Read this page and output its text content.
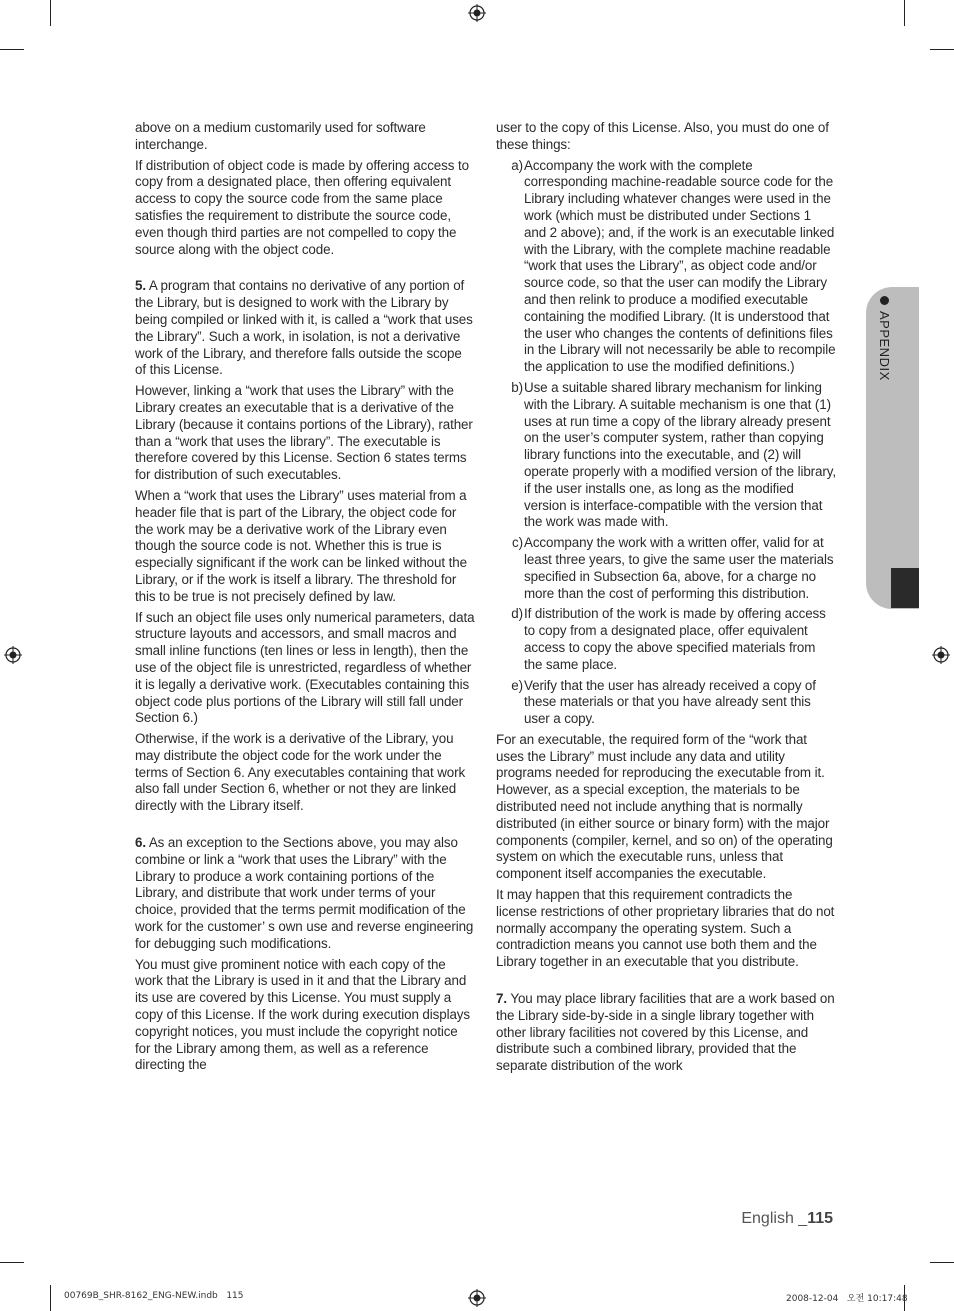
above on a medium customarily used for software interchange.

If distribution of object code is made by offering access to copy from a designated place, then offering equivalent access to copy the source code from the same place satisfies the requirement to distribute the source code, even though third parties are not compelled to copy the source along with the object code.

5. A program that contains no derivative of any portion of the Library, but is designed to work with the Library by being compiled or linked with it, is called a “work that uses the Library”. Such a work, in isolation, is not a derivative work of the Library, and therefore falls outside the scope of this License.

However, linking a “work that uses the Library” with the Library creates an executable that is a derivative of the Library (because it contains portions of the Library), rather than a “work that uses the library”. The executable is therefore covered by this License. Section 6 states terms for distribution of such executables.

When a “work that uses the Library” uses material from a header file that is part of the Library, the object code for the work may be a derivative work of the Library even though the source code is not. Whether this is true is especially significant if the work can be linked without the Library, or if the work is itself a library. The threshold for this to be true is not precisely defined by law.

If such an object file uses only numerical parameters, data structure layouts and accessors, and small macros and small inline functions (ten lines or less in length), then the use of the object file is unrestricted, regardless of whether it is legally a derivative work. (Executables containing this object code plus portions of the Library will still fall under Section 6.)

Otherwise, if the work is a derivative of the Library, you may distribute the object code for the work under the terms of Section 6. Any executables containing that work also fall under Section 6, whether or not they are linked directly with the Library itself.

6. As an exception to the Sections above, you may also combine or link a “work that uses the Library” with the Library to produce a work containing portions of the Library, and distribute that work under terms of your choice, provided that the terms permit modification of the work for the customer’ s own use and reverse engineering for debugging such modifications.

You must give prominent notice with each copy of the work that the Library is used in it and that the Library and its use are covered by this License. You must supply a copy of this License. If the work during execution displays copyright notices, you must include the copyright notice for the Library among them, as well as a reference directing the

user to the copy of this License. Also, you must do one of these things:

a) Accompany the work with the complete corresponding machine-readable source code for the Library including whatever changes were used in the work (which must be distributed under Sections 1 and 2 above); and, if the work is an executable linked with the Library, with the complete machine readable “work that uses the Library”, as object code and/or source code, so that the user can modify the Library and then relink to produce a modified executable containing the modified Library. (It is understood that the user who changes the contents of definitions files in the Library will not necessarily be able to recompile the application to use the modified definitions.)
b) Use a suitable shared library mechanism for linking with the Library. A suitable mechanism is one that (1) uses at run time a copy of the library already present on the user’s computer system, rather than copying library functions into the executable, and (2) will operate properly with a modified version of the library, if the user installs one, as long as the modified version is interface-compatible with the version that the work was made with.
c) Accompany the work with a written offer, valid for at least three years, to give the same user the materials specified in Subsection 6a, above, for a charge no more than the cost of performing this distribution.
d) If distribution of the work is made by offering access to copy from a designated place, offer equivalent access to copy the above specified materials from the same place.
e) Verify that the user has already received a copy of these materials or that you have already sent this user a copy.

For an executable, the required form of the “work that uses the Library” must include any data and utility programs needed for reproducing the executable from it. However, as a special exception, the materials to be distributed need not include anything that is normally distributed (in either source or binary form) with the major components (compiler, kernel, and so on) of the operating system on which the executable runs, unless that component itself accompanies the executable.

It may happen that this requirement contradicts the license restrictions of other proprietary libraries that do not normally accompany the operating system. Such a contradiction means you cannot use both them and the Library together in an executable that you distribute.

7. You may place library facilities that are a work based on the Library side-by-side in a single library together with other library facilities not covered by this License, and distribute such a combined library, provided that the separate distribution of the work

APPENDIX
English _115
00769B_SHR-8162_ENG-NEW.indb   115	2008-12-04   오전 10:17:48
